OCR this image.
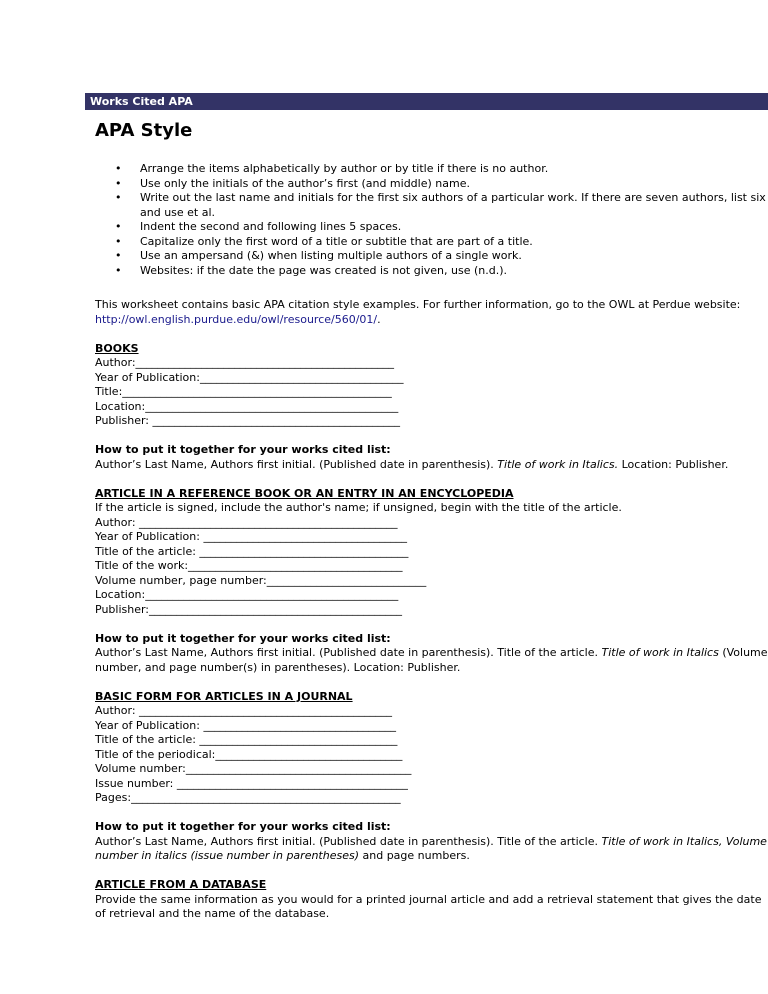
Works Cited APA
APA Style
• Arrange the items alphabetically by author or by title if there is no author.
• Use only the initials of the author’s first (and middle) name.
• Write out the last name and initials for the first six authors of a particular work. If there are seven authors, list six and use et al.
• Indent the second and following lines 5 spaces.
• Capitalize only the first word of a title or subtitle that are part of a title.
• Use an ampersand (&) when listing multiple authors of a single work.
• Websites: if the date the page was created is not given, use (n.d.).

This worksheet contains basic APA citation style examples. For further information, go to the OWL at Perdue website:
http://owl.english.purdue.edu/owl/resource/560/01/.

BOOKS

Author:_______________________________________________

Year of Publication:_____________________________________

Title:_________________________________________________

Location:______________________________________________

Publisher: _____________________________________________

How to put it together for your works cited list:

Author’s Last Name, Authors first initial. (Published date in parenthesis). Title of work in Italics. Location: Publisher.

ARTICLE IN A REFERENCE BOOK OR AN ENTRY IN AN ENCYCLOPEDIA

If the article is signed, include the author's name; if unsigned, begin with the title of the article.

Author: _______________________________________________

Year of Publication: _____________________________________

Title of the article: ______________________________________

Title of the work:_______________________________________

Volume number, page number:_____________________________

Location:______________________________________________

Publisher:______________________________________________

How to put it together for your works cited list:

Author’s Last Name, Authors first initial. (Published date in parenthesis). Title of the article. Title of work in Italics (Volume number, and page number(s) in parentheses). Location: Publisher.

BASIC FORM FOR ARTICLES IN A JOURNAL

Author: ______________________________________________

Year of Publication: ___________________________________

Title of the article: ____________________________________

Title of the periodical:__________________________________

Volume number:_________________________________________

Issue number: __________________________________________

Pages:_________________________________________________

How to put it together for your works cited list:

Author’s Last Name, Authors first initial. (Published date in parenthesis). Title of the article. Title of work in Italics, Volume number in italics (issue number in parentheses) and page numbers.

ARTICLE FROM A DATABASE

Provide the same information as you would for a printed journal article and add a retrieval statement that gives the date of retrieval and the name of the database.
